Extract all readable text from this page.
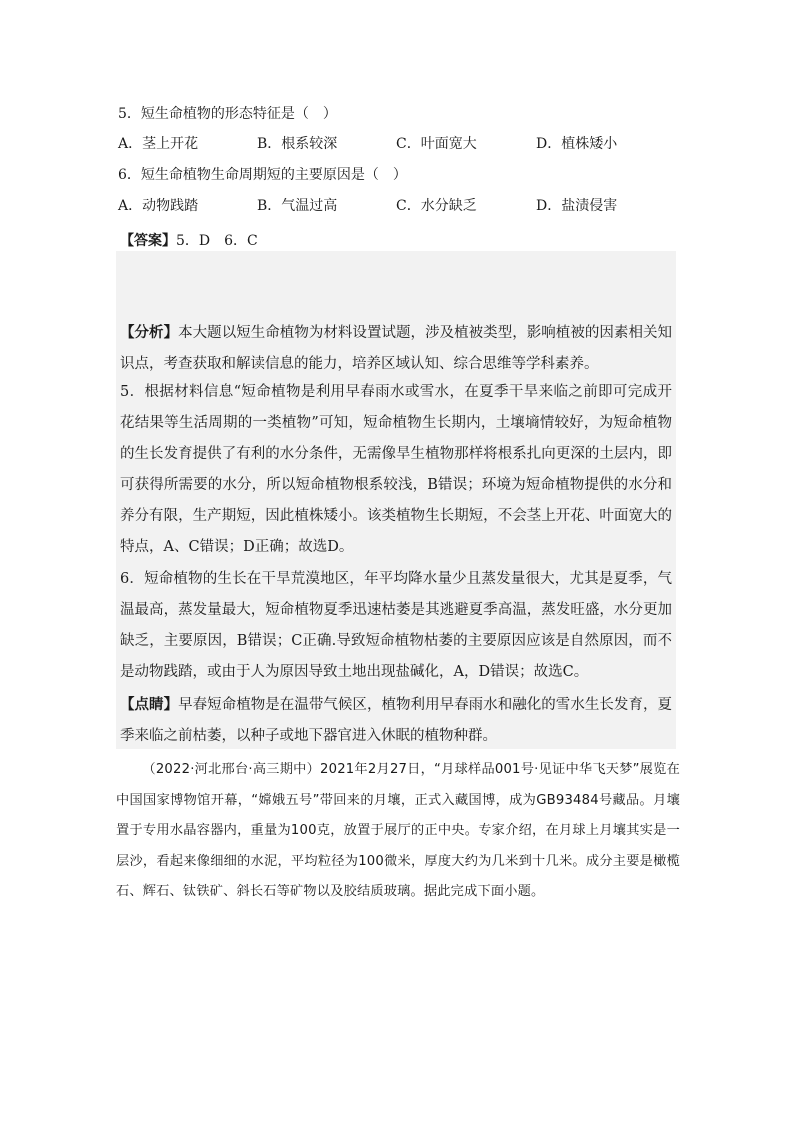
5．短生命植物的形态特征是（　）
A．茎上开花	B．根系较深	C．叶面宽大	D．植株矮小
6．短生命植物生命周期短的主要原因是（　）
A．动物践踏	B．气温过高	C．水分缺乏	D．盐渍侵害
【答案】5．D　6．C
【分析】本大题以短生命植物为材料设置试题，涉及植被类型，影响植被的因素相关知识点，考查获取和解读信息的能力，培养区域认知、综合思维等学科素养。
5．根据材料信息“短命植物是利用早春雨水或雪水，在夏季干旱来临之前即可完成开花结果等生活周期的一类植物”可知，短命植物生长期内，土壤墒情较好，为短命植物的生长发育提供了有利的水分条件，无需像旱生植物那样将根系扎向更深的土层内，即可获得所需要的水分，所以短命植物根系较浅，B错误；环境为短命植物提供的水分和养分有限，生产期短，因此植株矮小。该类植物生长期短，不会茎上开花、叶面宽大的特点，A、C错误；D正确；故选D。
6．短命植物的生长在干旱荒漠地区，年平均降水量少且蒸发量很大，尤其是夏季，气温最高，蒸发量最大，短命植物夏季迅速枯萎是其逃避夏季高温，蒸发旺盛，水分更加缺乏，主要原因，B错误；C正确.导致短命植物枯萎的主要原因应该是自然原因，而不是动物践踏，或由于人为原因导致土地出现盐碱化，A，D错误；故选C。
【点睛】早春短命植物是在温带气候区，植物利用早春雨水和融化的雪水生长发育，夏季来临之前枯萎，以种子或地下器官进入休眠的植物种群。
（2022·河北邢台·高三期中）2021年2月27日，“月球样品001号·见证中华飞天梦”展览在中国国家博物馆开幕，“嫦娥五号”带回来的月壤，正式入藏国博，成为GB93484号藏品。月壤置于专用水晶容器内，重量为100克，放置于展厅的正中央。专家介绍，在月球上月壤其实是一层沙，看起来像细细的水泥，平均粒径为100微米，厚度大约为几米到十几米。成分主要是橄榄石、辉石、钛铁矿、斜长石等矿物以及胶结质玻璃。据此完成下面小题。
